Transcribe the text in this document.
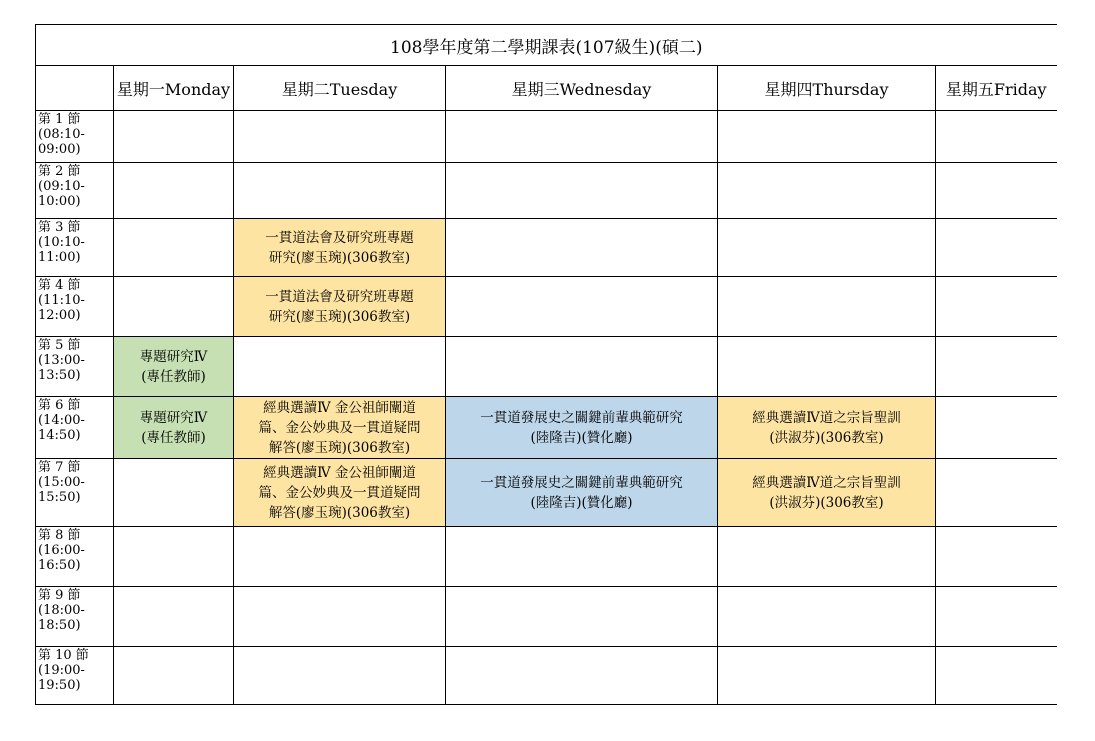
108學年度第二學期課表(107級生)(碩二)					
	星期一Monday	星期二Tuesday	星期三Wednesday	星期四Thursday	星期五Friday

第 1 節
(08:10-
09:00)					

第 2 節
(09:10-
10:00)					

第 3 節
(10:10-
11:00)		一貫道法會及研究班專題
研究(廖玉琬)(306教室)			

第 4 節
(11:10-
12:00)		一貫道法會及研究班專題
研究(廖玉琬)(306教室)			

第 5 節
(13:00-
13:50)	專題研究Ⅳ
(專任教師)				

第 6 節
(14:00-
14:50)	專題研究Ⅳ
(專任教師)	經典選讀Ⅳ 金公祖師闡道
篇、金公妙典及一貫道疑問
解答(廖玉琬)(306教室)	一貫道發展史之關鍵前輩典範研究
(陸隆吉)(贊化廳)	經典選讀Ⅳ道之宗旨聖訓
(洪淑芬)(306教室)	

第 7 節
(15:00-
15:50)		經典選讀Ⅳ 金公祖師闡道
篇、金公妙典及一貫道疑問
解答(廖玉琬)(306教室)	一貫道發展史之關鍵前輩典範研究
(陸隆吉)(贊化廳)	經典選讀Ⅳ道之宗旨聖訓
(洪淑芬)(306教室)	

第 8 節
(16:00-
16:50)					

第 9 節
(18:00-
18:50)					

第 10 節
(19:00-
19:50)					
